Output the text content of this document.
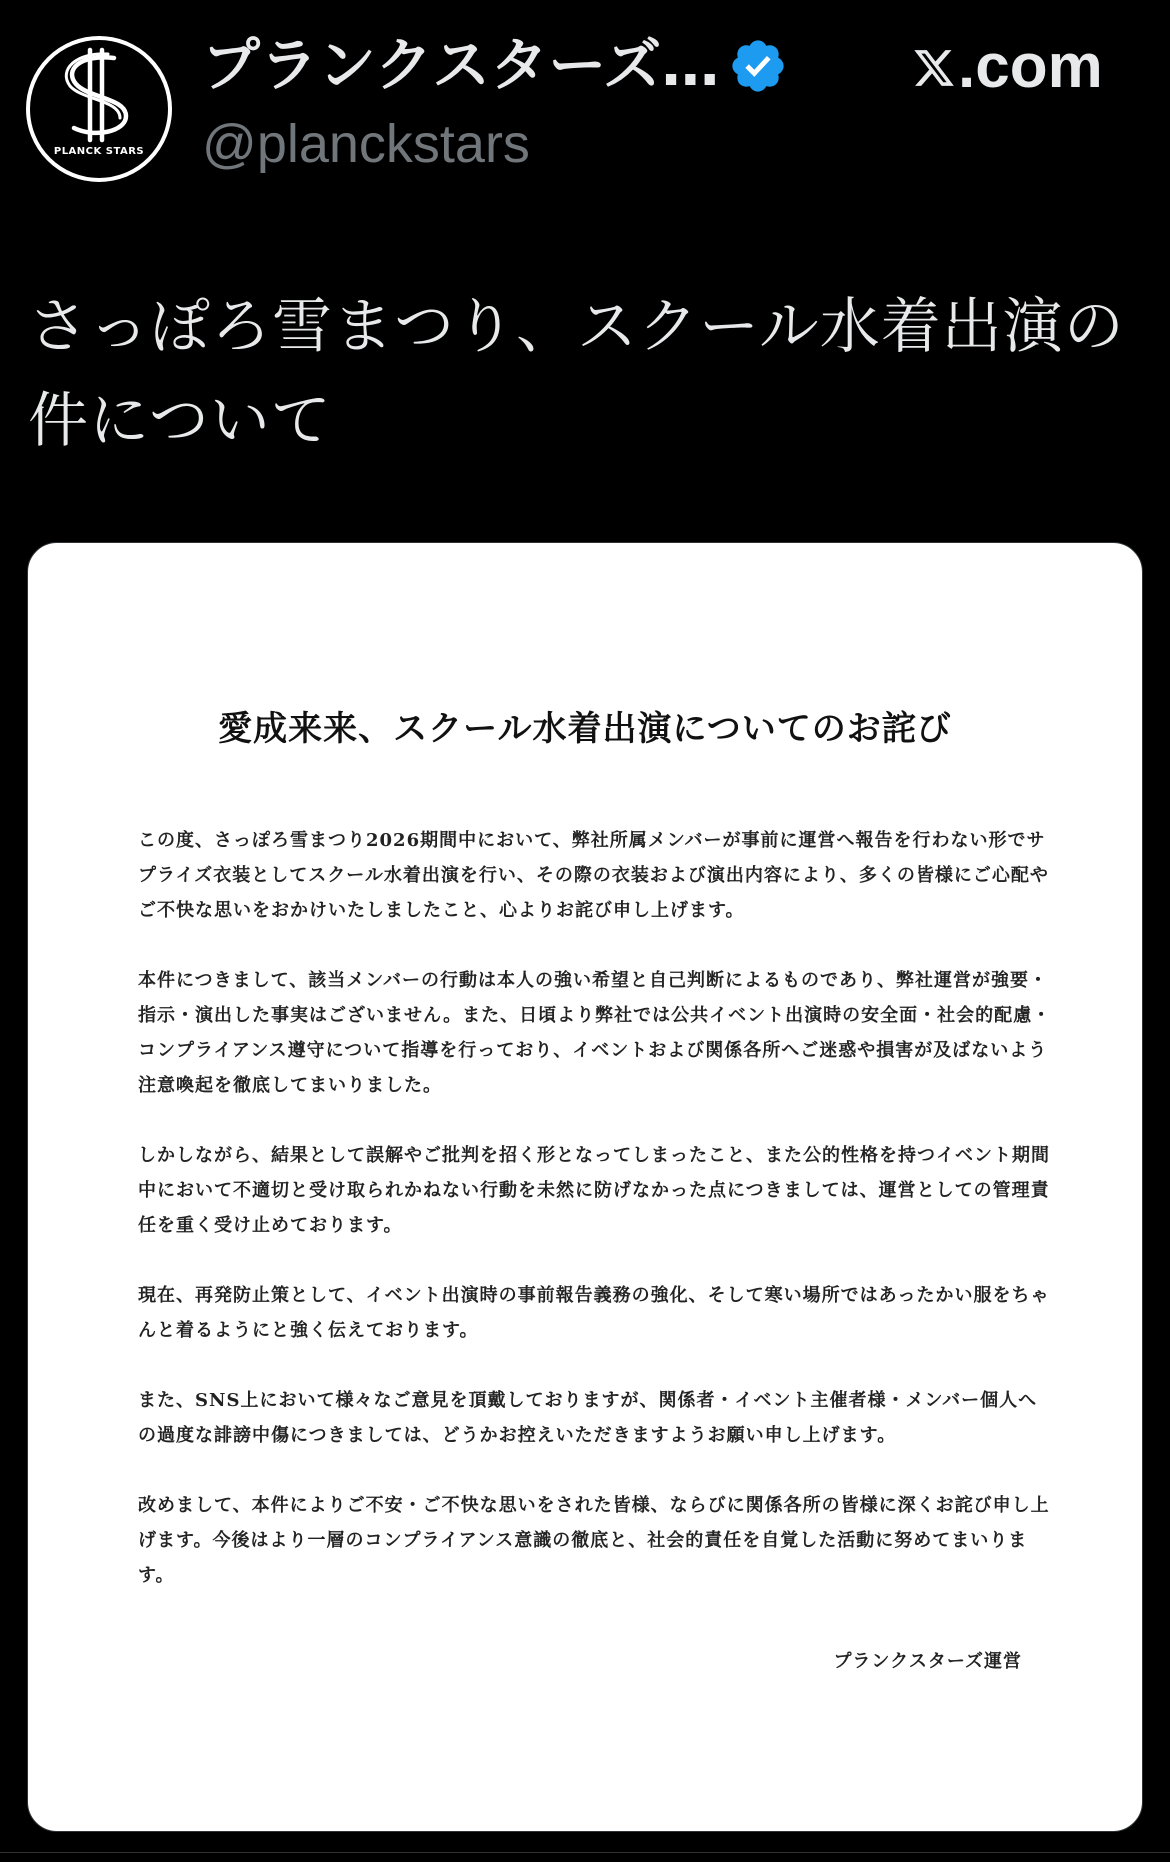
PLANCK STARS
プランクスターズ…
@planckstars
.com
さっぽろ雪まつり、スクール水着出演の件について
愛成来来、スクール水着出演についてのお詫び

この度、さっぽろ雪まつり2026期間中において、弊社所属メンバーが事前に運営へ報告を行わない形でサプライズ衣装としてスクール水着出演を行い、その際の衣装および演出内容により、多くの皆様にご心配やご不快な思いをおかけいたしましたこと、心よりお詫び申し上げます。

本件につきまして、該当メンバーの行動は本人の強い希望と自己判断によるものであり、弊社運営が強要・指示・演出した事実はございません。また、日頃より弊社では公共イベント出演時の安全面・社会的配慮・コンプライアンス遵守について指導を行っており、イベントおよび関係各所へご迷惑や損害が及ばないよう注意喚起を徹底してまいりました。

しかしながら、結果として誤解やご批判を招く形となってしまったこと、また公的性格を持つイベント期間中において不適切と受け取られかねない行動を未然に防げなかった点につきましては、運営としての管理責任を重く受け止めております。

現在、再発防止策として、イベント出演時の事前報告義務の強化、そして寒い場所ではあったかい服をちゃんと着るようにと強く伝えております。

また、SNS上において様々なご意見を頂戴しておりますが、関係者・イベント主催者様・メンバー個人への過度な誹謗中傷につきましては、どうかお控えいただきますようお願い申し上げます。

改めまして、本件によりご不安・ご不快な思いをされた皆様、ならびに関係各所の皆様に深くお詫び申し上げます。今後はより一層のコンプライアンス意識の徹底と、社会的責任を自覚した活動に努めてまいります。

プランクスターズ運営
